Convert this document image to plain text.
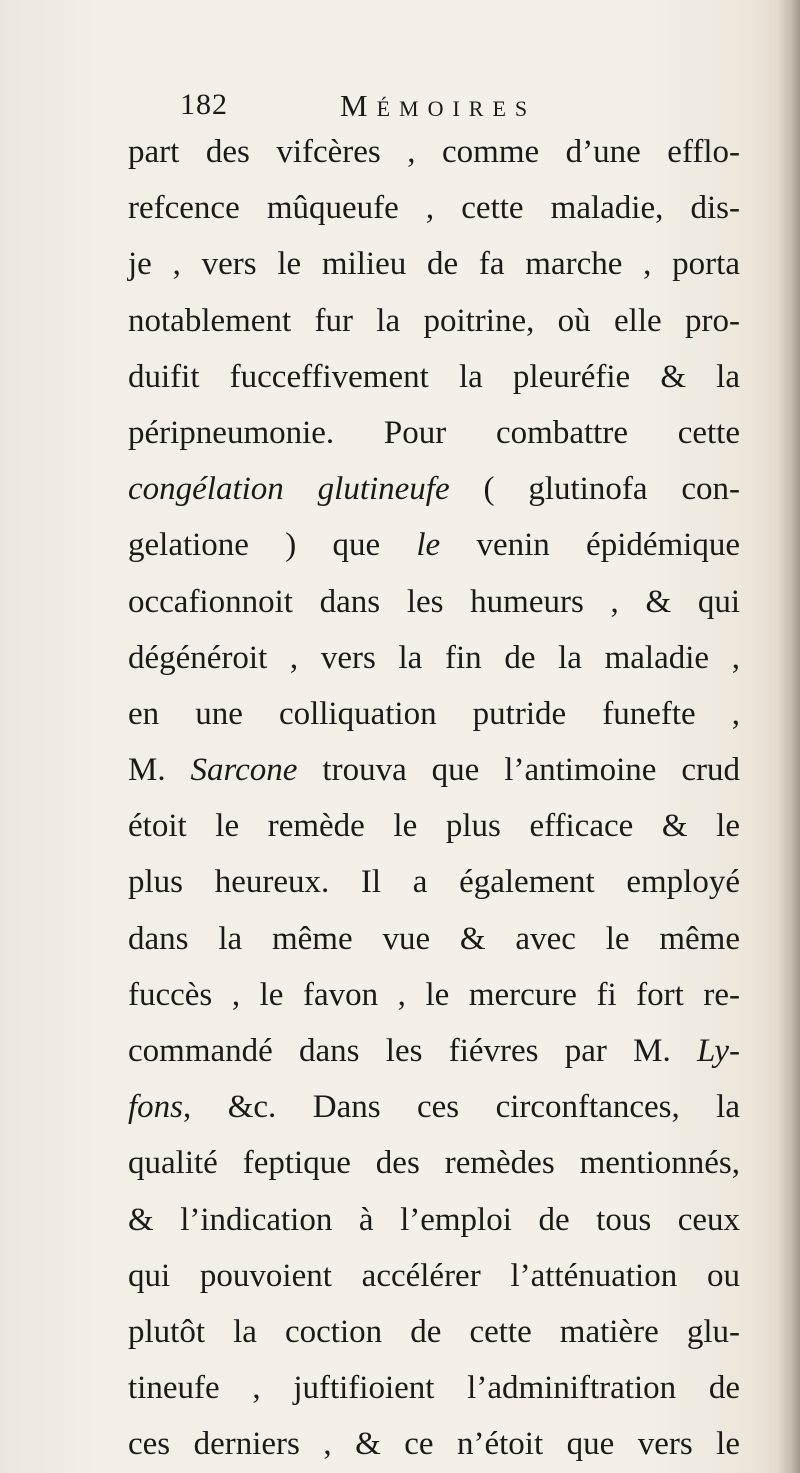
182	Mémoires
part des vifcères , comme d’une efflo-
refcence mûqueufe , cette maladie, dis-
je , vers le milieu de fa marche , porta
notablement fur la poitrine, où elle pro-
duifit fucceffivement la pleuréfie & la
péripneumonie. Pour combattre cette
congélation glutineufe ( glutinofa con-
gelatione ) que le venin épidémique
occafionnoit dans les humeurs , & qui
dégénéroit , vers la fin de la maladie ,
en une colliquation putride funefte ,
M. Sarcone trouva que l’antimoine crud
étoit le remède le plus efficace & le
plus heureux. Il a également employé
dans la même vue & avec le même
fuccès , le favon , le mercure fi fort re-
commandé dans les fiévres par M. Ly-
fons, &c. Dans ces circonftances, la
qualité feptique des remèdes mentionnés,
& l’indication à l’emploi de tous ceux
qui pouvoient accélérer l’atténuation ou
plutôt la coction de cette matière glu-
tineufe , juftifioient l’adminiftration de
ces derniers , & ce n’étoit que vers le
